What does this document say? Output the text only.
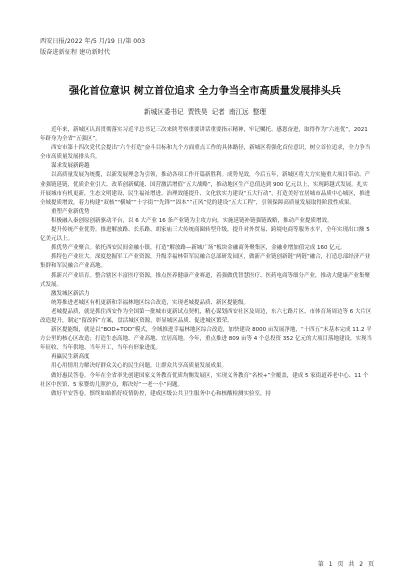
西安日报/2022 年/5 月/19 日/第 003
版奋进新征程 建功新时代
强化首位意识 树立首位追求 全力争当全市高质量发展排头兵
新城区委书记 贾铁昊 记者 南江远 整理

近年来，新城区认真贯彻落实习近平总书记三次来陕考察重要讲话重要指示精神，牢记嘱托、感恩奋进，取得作为“六连优”，2021 年跻身为全省“五强区”。

西安市第十四次党代会提出“六个打造”奋斗目标和九个方面重点工作的具体路径，新城区将强化首位意识，树立首位追求，全力争当全市高质量发展排头兵。

谋求发展新跨越

以高质量发展为统揽，以新发展理念为引领，推动各项工作开篇新胜利。成势见效，今后五年，新城区将大力实施重大项目带动、产业强链延链、优质企业引大、改革创新赋能、国营激活增值“五大战略”，推动地区生产总值达到 900 亿元以上，实现跨越式发展。扎实开展城市有机更新，生态文明建设、民生福祉增进、治理效能提升、文化软实力建设“五大行动”，打造美好宜居城市品质中心城区，推进全域提质增效，着力构建“双核”“横城”“十字街”“先锋”“固本”“正风”党的建设“五大工程”，引领保障高质量发展取得阶段性成果。

重塑产业新优势

积极融入秦创原创新驱动平台，以 6 大产业 16 条产业链为主攻方向，实施延链补链强链战略，推动产业提质增效。

提升传统产业优势。推进解放路、长乐路、胡家庙三大传统商圈转型升级，提升对外贸易、跨境电商等服务水平，全年实现出口额 5 亿美元以上。

抓优势产业聚合。依托西安民间金融小镇，打造“解放路—新城广场”板块金融商务聚集区，金融业增加值完成 160 亿元。

抓特色产业壮大。深度挖掘军工产业资源，升级幸福林带军民融合总部研发园区，做新产业链创新链“两链”融合，打造总部经济产业集群和军民融合产业高地。

抓新兴产业培育。整合辖区丰富医疗资源，推点医养健康产业赛道，着强做优智慧医疗、医药电商等细分产业，推动大健康产业集聚式发展。

激发城区新活力

统筹推进老城区有机更新和幸福林地区综合改造，实现老城提品质、新区提能级。

老城提品质，就是抓住西安作为全国第一批城市更新试点契机，精心谋划西安社区及周边，东六七路片区、市体育场周边等 6 大片区改造提升，制定“留改拆”方案，盘活城区资源，彰显城区品质、促进城区繁荣。

新区提能级，就是以“BOD+TOD”模式，全域推进幸福林地区综合改造，加快建设 8000 亩发展净地，“十四五”末基本完成 11.2 平方公里的核心区改造；打造生态高地、产业高地、宜居高地。今年，重点推进 809 亩等 4 个总投资 352 亿元的大项目落地建设，实现当年征收、当年供地、当年开工，当年有形象进度。

再赢民生新高度

用心用情用力解决好群众关心的民生问题，让群众共享高质量发展成果。

做好惠民答卷。今年在全省率先创建国家义务教育优质均衡发展区，实现义务教育“名校+”全覆盖，建成 5 家街道养老中心、11 个社区中医馆、5 家婴幼儿照护点，解决好“一老一小”问题。

做好平安答卷。慎终如始抓好疫情防控，建成区级公共卫生服务中心和核酸检测实验室，持

第 1 页 共 2 页
